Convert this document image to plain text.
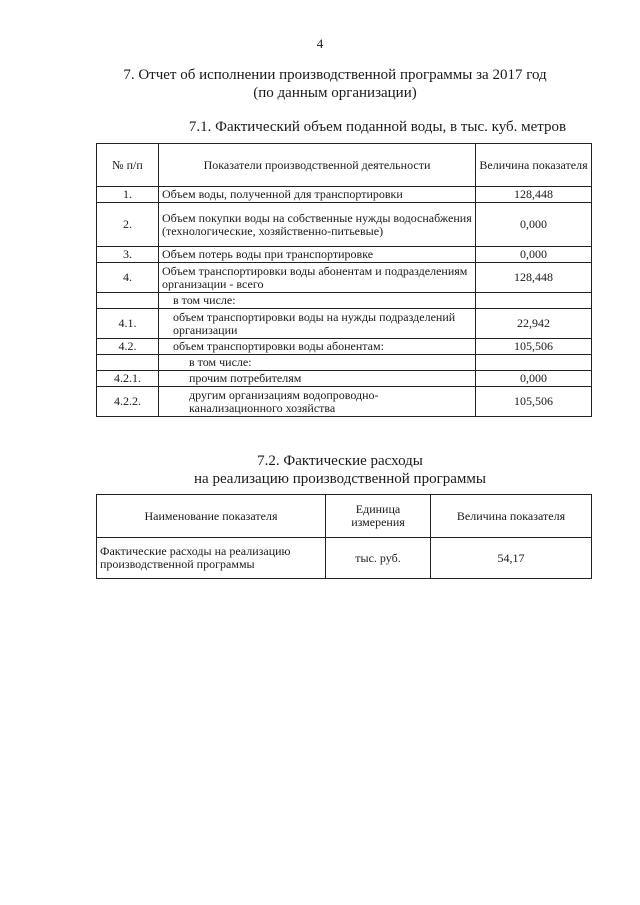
4
7. Отчет об исполнении производственной программы за 2017 год
(по данным организации)
7.1. Фактический объем поданной воды, в тыс. куб. метров
№ п/п	Показатели производственной деятельности	Величина показателя
1.	Объем воды, полученной для транспортировки	128,448
2.	Объем покупки воды на собственные нужды водоснабжения (технологические, хозяйственно-питьевые)	0,000
3.	Объем потерь воды при транспортировке	0,000
4.	Объем транспортировки воды абонентам и подразделениям организации - всего	128,448
	в том числе:	
4.1.	объем транспортировки воды на нужды подразделений организации	22,942
4.2.	объем транспортировки воды абонентам:	105,506
	в том числе:	
4.2.1.	прочим потребителям	0,000
4.2.2.	другим организациям водопроводно-канализационного хозяйства	105,506
7.2. Фактические расходы
на реализацию производственной программы
Наименование показателя	Единица измерения	Величина показателя
Фактические расходы на реализацию производственной программы	тыс. руб.	54,17
